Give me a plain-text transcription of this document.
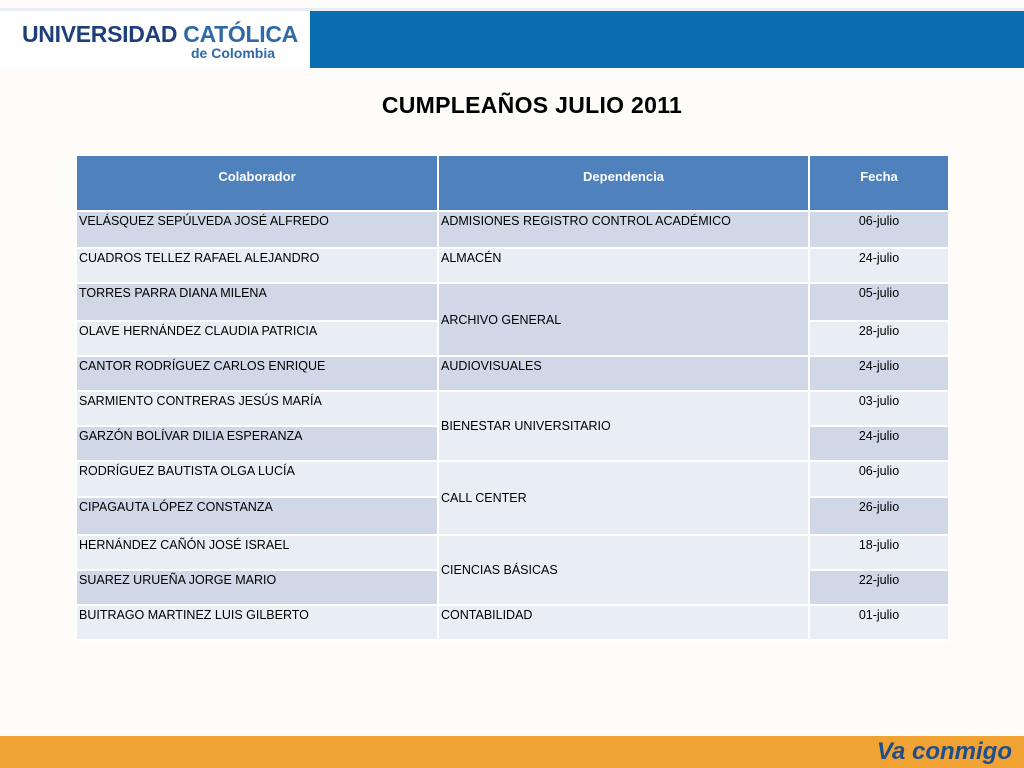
UNIVERSIDAD CATÓLICA
de Colombia
CUMPLEAÑOS JULIO 2011
Colaborador	Dependencia	Fecha
VELÁSQUEZ SEPÚLVEDA JOSÉ ALFREDO	ADMISIONES REGISTRO CONTROL ACADÉMICO	06-julio
CUADROS TELLEZ RAFAEL ALEJANDRO	ALMACÉN	24-julio
TORRES PARRA DIANA MILENA	ARCHIVO GENERAL	05-julio
OLAVE HERNÁNDEZ CLAUDIA PATRICIA		28-julio
CANTOR RODRÍGUEZ CARLOS ENRIQUE	AUDIOVISUALES	24-julio
SARMIENTO CONTRERAS JESÚS MARÍA	BIENESTAR UNIVERSITARIO	03-julio
GARZÓN BOLÍVAR DILIA ESPERANZA		24-julio
RODRÍGUEZ BAUTISTA OLGA LUCÍA	CALL CENTER	06-julio
CIPAGAUTA LÓPEZ CONSTANZA		26-julio
HERNÁNDEZ CAÑÓN JOSÉ ISRAEL	CIENCIAS BÁSICAS	18-julio
SUAREZ URUEÑA JORGE MARIO		22-julio
BUITRAGO MARTINEZ LUIS GILBERTO	CONTABILIDAD	01-julio
Va conmigo
